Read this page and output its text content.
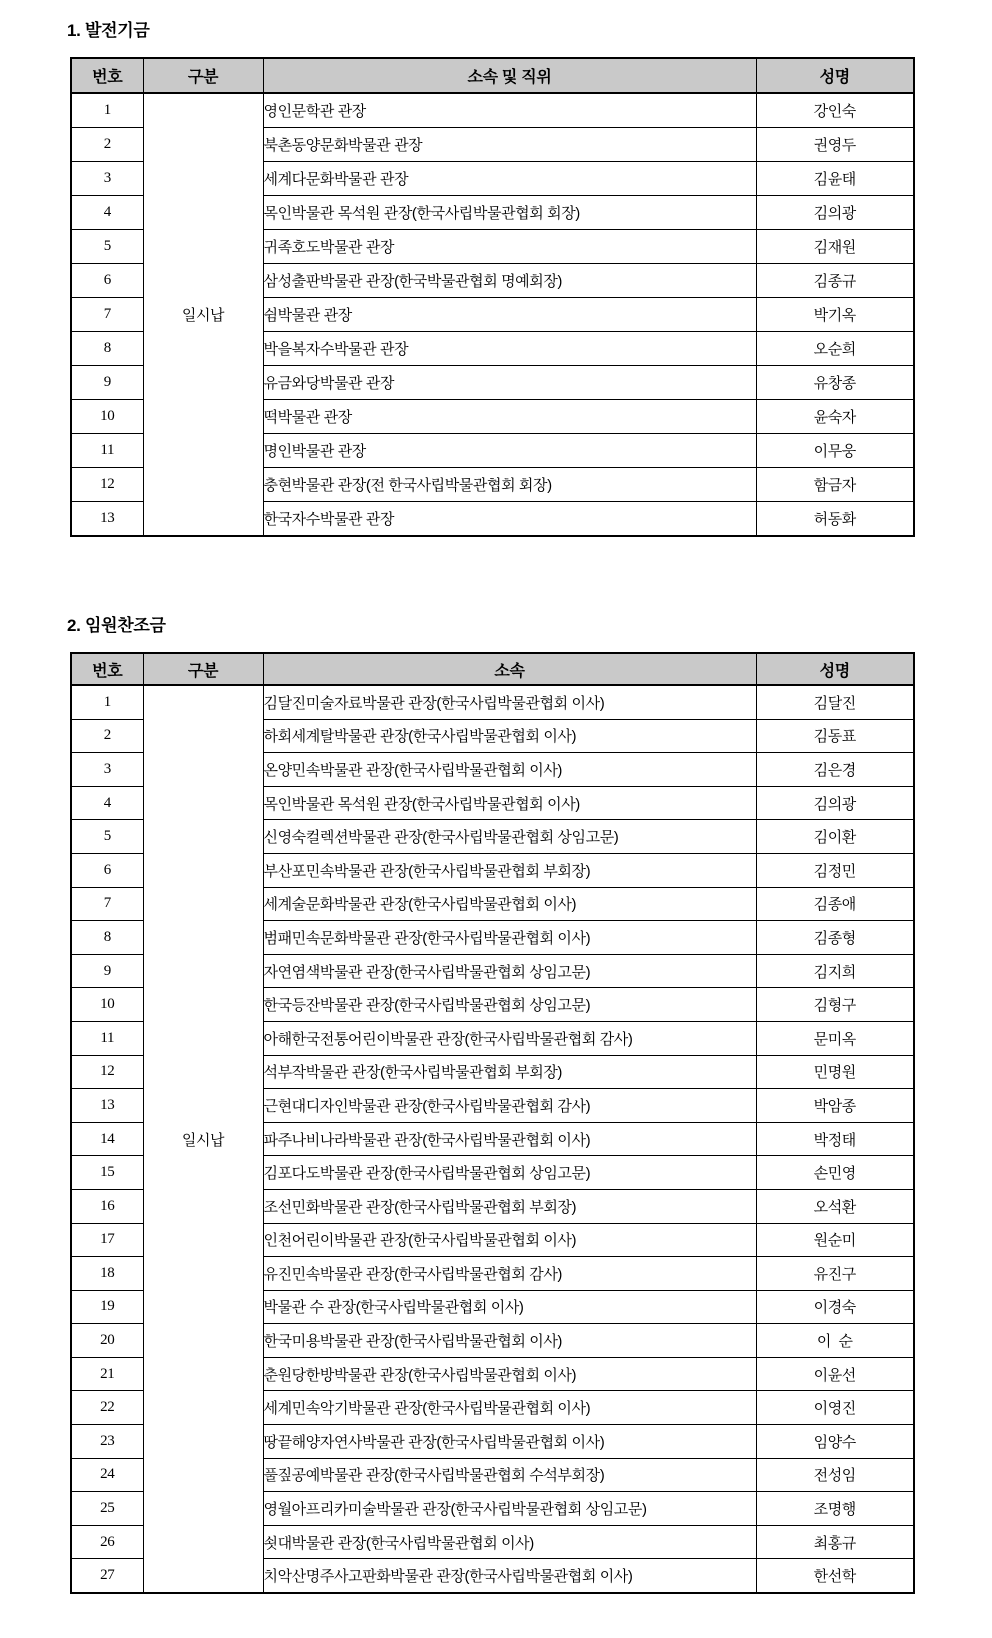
1. 발전기금
번호	구분	소속 및 직위	성명
1	일시납	영인문학관 관장	강인숙
2		북촌동양문화박물관 관장	권영두
3		세계다문화박물관 관장	김윤태
4		목인박물관 목석원 관장(한국사립박물관협회 회장)	김의광
5		귀족호도박물관 관장	김재원
6		삼성출판박물관 관장(한국박물관협회 명예회장)	김종규
7		쉼박물관 관장	박기옥
8		박을복자수박물관 관장	오순희
9		유금와당박물관 관장	유창종
10		떡박물관 관장	윤숙자
11		명인박물관 관장	이무웅
12		충현박물관 관장(전 한국사립박물관협회 회장)	함금자
13		한국자수박물관 관장	허동화
2. 임원찬조금
번호	구분	소속	성명
1	일시납	김달진미술자료박물관 관장(한국사립박물관협회 이사)	김달진
2		하회세계탈박물관 관장(한국사립박물관협회 이사)	김동표
3		온양민속박물관 관장(한국사립박물관협회 이사)	김은경
4		목인박물관 목석원 관장(한국사립박물관협회 이사)	김의광
5		신영숙컬렉션박물관 관장(한국사립박물관협회 상임고문)	김이환
6		부산포민속박물관 관장(한국사립박물관협회 부회장)	김정민
7		세계술문화박물관 관장(한국사립박물관협회 이사)	김종애
8		범패민속문화박물관 관장(한국사립박물관협회 이사)	김종형
9		자연염색박물관 관장(한국사립박물관협회 상임고문)	김지희
10		한국등잔박물관 관장(한국사립박물관협회 상임고문)	김형구
11		아해한국전통어린이박물관 관장(한국사립박물관협회 감사)	문미옥
12		석부작박물관 관장(한국사립박물관협회 부회장)	민명원
13		근현대디자인박물관 관장(한국사립박물관협회 감사)	박암종
14		파주나비나라박물관 관장(한국사립박물관협회 이사)	박정태
15		김포다도박물관 관장(한국사립박물관협회 상임고문)	손민영
16		조선민화박물관 관장(한국사립박물관협회 부회장)	오석환
17		인천어린이박물관 관장(한국사립박물관협회 이사)	원순미
18		유진민속박물관 관장(한국사립박물관협회 감사)	유진구
19		박물관 수 관장(한국사립박물관협회 이사)	이경숙
20		한국미용박물관 관장(한국사립박물관협회 이사)	이  순
21		춘원당한방박물관 관장(한국사립박물관협회 이사)	이윤선
22		세계민속악기박물관 관장(한국사립박물관협회 이사)	이영진
23		땅끝해양자연사박물관 관장(한국사립박물관협회 이사)	임양수
24		풀짚공예박물관 관장(한국사립박물관협회 수석부회장)	전성임
25		영월아프리카미술박물관 관장(한국사립박물관협회 상임고문)	조명행
26		쇳대박물관 관장(한국사립박물관협회 이사)	최홍규
27		치악산명주사고판화박물관 관장(한국사립박물관협회 이사)	한선학
